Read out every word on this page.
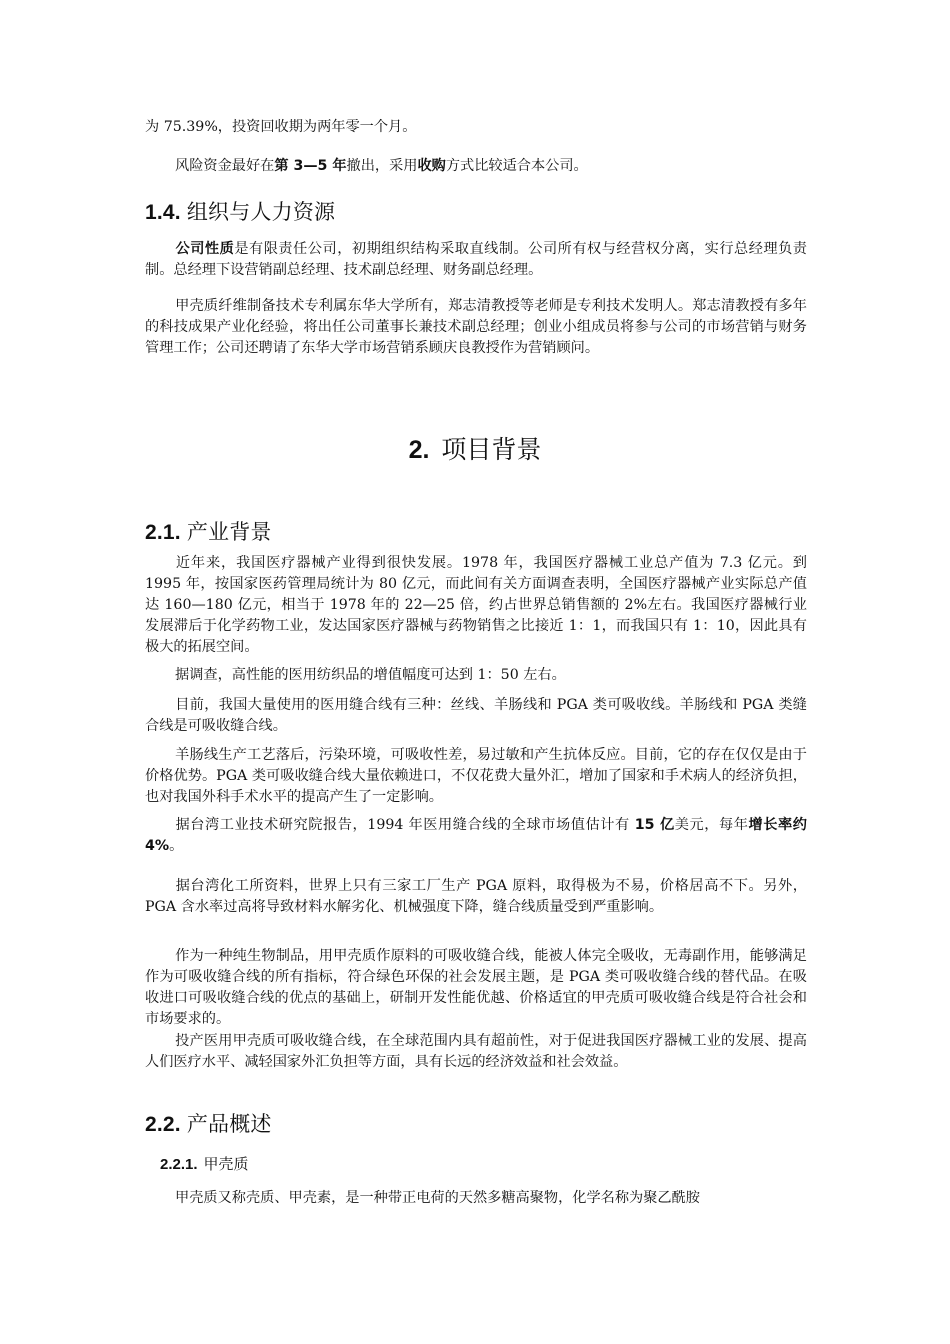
为 75.39%，投资回收期为两年零一个月。

风险资金最好在第 3—5 年撤出，采用收购方式比较适合本公司。

1.4. 组织与人力资源

公司性质是有限责任公司，初期组织结构采取直线制。公司所有权与经营权分离，实行总经理负责制。总经理下设营销副总经理、技术副总经理、财务副总经理。

甲壳质纤维制备技术专利属东华大学所有，郑志清教授等老师是专利技术发明人。郑志清教授有多年的科技成果产业化经验，将出任公司董事长兼技术副总经理；创业小组成员将参与公司的市场营销与财务管理工作；公司还聘请了东华大学市场营销系顾庆良教授作为营销顾问。

2. 项目背景
2.1. 产业背景

近年来，我国医疗器械产业得到很快发展。1978 年，我国医疗器械工业总产值为 7.3 亿元。到 1995 年，按国家医药管理局统计为 80 亿元，而此间有关方面调查表明，全国医疗器械产业实际总产值达 160—180 亿元，相当于 1978 年的 22—25 倍，约占世界总销售额的 2%左右。我国医疗器械行业发展滞后于化学药物工业，发达国家医疗器械与药物销售之比接近 1：1，而我国只有 1：10，因此具有极大的拓展空间。

据调查，高性能的医用纺织品的增值幅度可达到 1：50 左右。

目前，我国大量使用的医用缝合线有三种：丝线、羊肠线和 PGA 类可吸收线。羊肠线和 PGA 类缝合线是可吸收缝合线。

羊肠线生产工艺落后，污染环境，可吸收性差，易过敏和产生抗体反应。目前，它的存在仅仅是由于价格优势。PGA 类可吸收缝合线大量依赖进口，不仅花费大量外汇，增加了国家和手术病人的经济负担，也对我国外科手术水平的提高产生了一定影响。

据台湾工业技术研究院报告，1994 年医用缝合线的全球市场值估计有 15 亿美元，每年增长率约 4%。

据台湾化工所资料，世界上只有三家工厂生产 PGA 原料，取得极为不易，价格居高不下。另外，PGA 含水率过高将导致材料水解劣化、机械强度下降，缝合线质量受到严重影响。

作为一种纯生物制品，用甲壳质作原料的可吸收缝合线，能被人体完全吸收，无毒副作用，能够满足作为可吸收缝合线的所有指标，符合绿色环保的社会发展主题，是 PGA 类可吸收缝合线的替代品。在吸收进口可吸收缝合线的优点的基础上，研制开发性能优越、价格适宜的甲壳质可吸收缝合线是符合社会和市场要求的。

投产医用甲壳质可吸收缝合线，在全球范围内具有超前性，对于促进我国医疗器械工业的发展、提高人们医疗水平、减轻国家外汇负担等方面，具有长远的经济效益和社会效益。

2.2. 产品概述
2.2.1. 甲壳质

甲壳质又称壳质、甲壳素，是一种带正电荷的天然多糖高聚物，化学名称为聚乙酰胺
